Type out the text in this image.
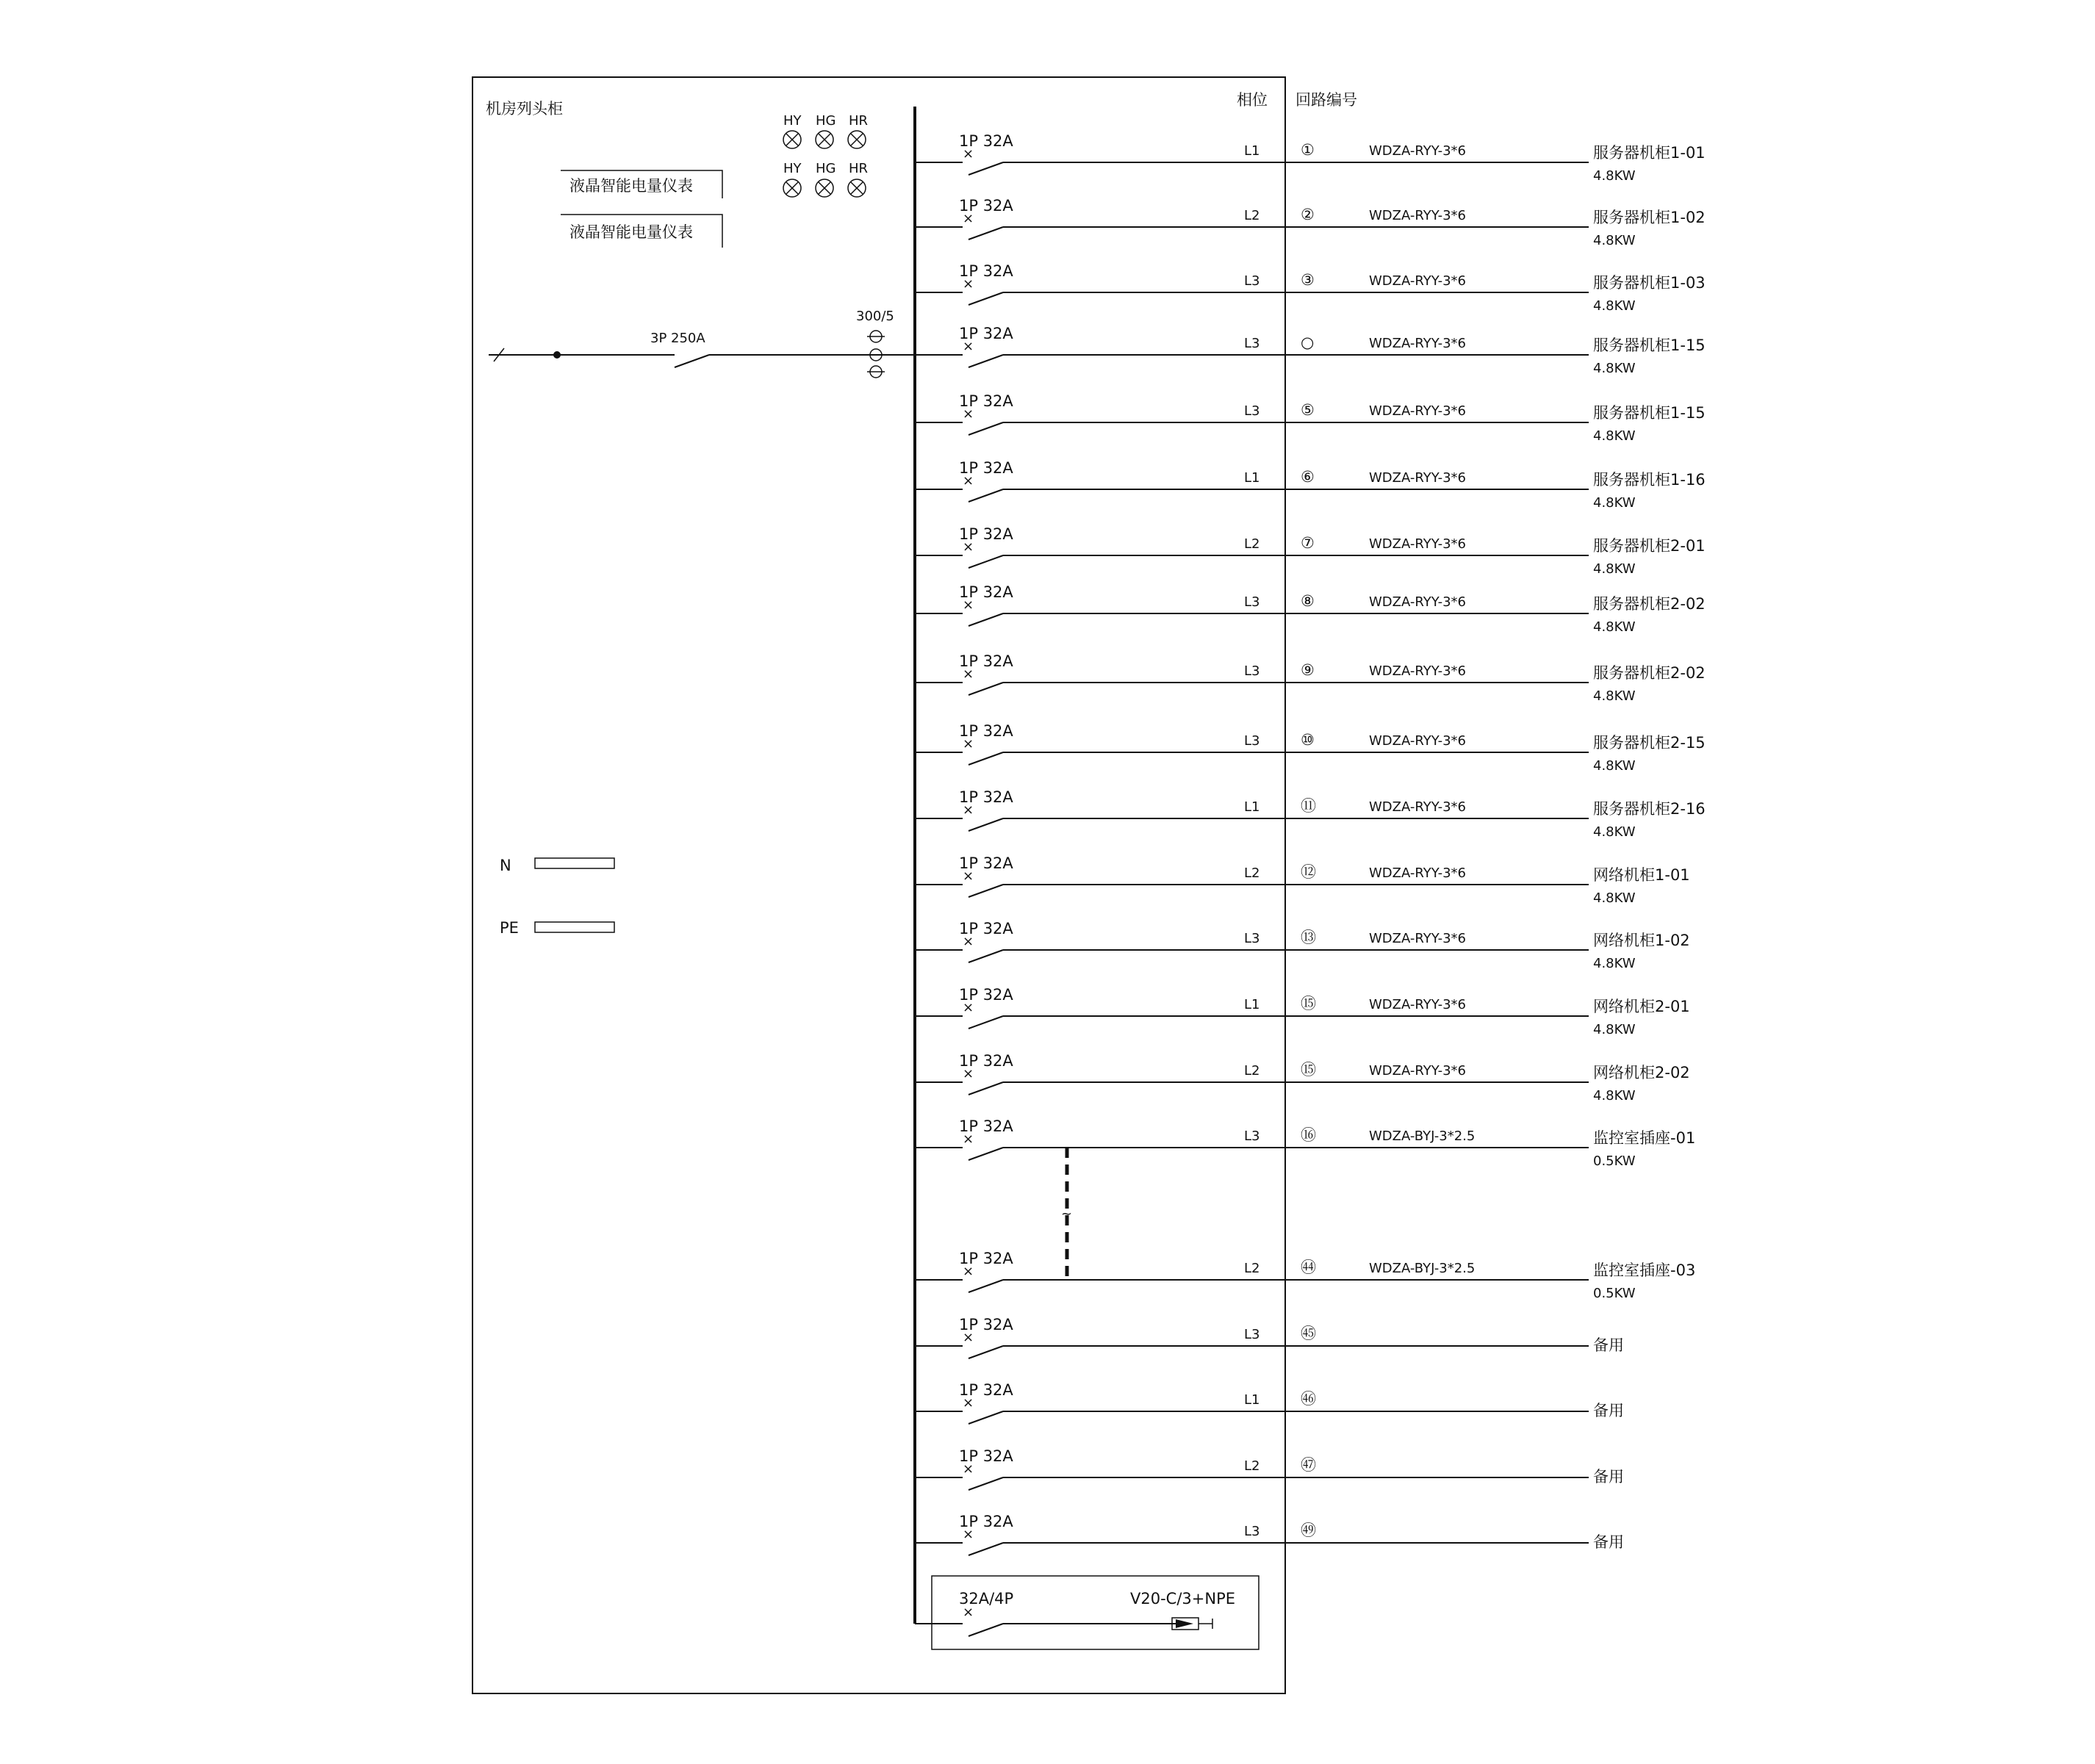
机房列头柜	相位 回路编号
液晶智能电量仪表
液晶智能电量仪表
HY HG HR
HY HG HR
3P 250A
300/5
N
PE
×
1P 32A
L1	①	WDZA-RYY-3*6	服务器机柜1-01
4.8KW
×
1P 32A
L2	②	WDZA-RYY-3*6	服务器机柜1-02
4.8KW
×
1P 32A
L3	③	WDZA-RYY-3*6	服务器机柜1-03
4.8KW
×
1P 32A
L3	○	WDZA-RYY-3*6	服务器机柜1-15
4.8KW
×
1P 32A
L3	⑤	WDZA-RYY-3*6	服务器机柜1-15
4.8KW
×
1P 32A
L1	⑥	WDZA-RYY-3*6	服务器机柜1-16
4.8KW
×
1P 32A
L2	⑦	WDZA-RYY-3*6	服务器机柜2-01
4.8KW
×
1P 32A
L3	⑧	WDZA-RYY-3*6	服务器机柜2-02
4.8KW
×
1P 32A
L3	⑨	WDZA-RYY-3*6	服务器机柜2-02
4.8KW
×
1P 32A
L3	⑩	WDZA-RYY-3*6	服务器机柜2-15
4.8KW
×
1P 32A
L1	⑪	WDZA-RYY-3*6	服务器机柜2-16
4.8KW
×
1P 32A
L2	⑫	WDZA-RYY-3*6	网络机柜1-01
4.8KW
×
1P 32A
L3	⑬	WDZA-RYY-3*6	网络机柜1-02
4.8KW
×
1P 32A
L1	⑮	WDZA-RYY-3*6	网络机柜2-01
4.8KW
×
1P 32A
L2	⑮	WDZA-RYY-3*6	网络机柜2-02
4.8KW
×
1P 32A
L3	⑯	WDZA-BYJ-3*2.5	监控室插座-01
0.5KW
×
1P 32A
L2	㊹	WDZA-BYJ-3*2.5	监控室插座-03
0.5KW
×
1P 32A
L3	㊺
备用
×
1P 32A
L1	㊻
备用
×
1P 32A
L2	㊼
备用
×
1P 32A
L3	㊾
备用
~
×
32A/4P	V20-C/3+NPE
